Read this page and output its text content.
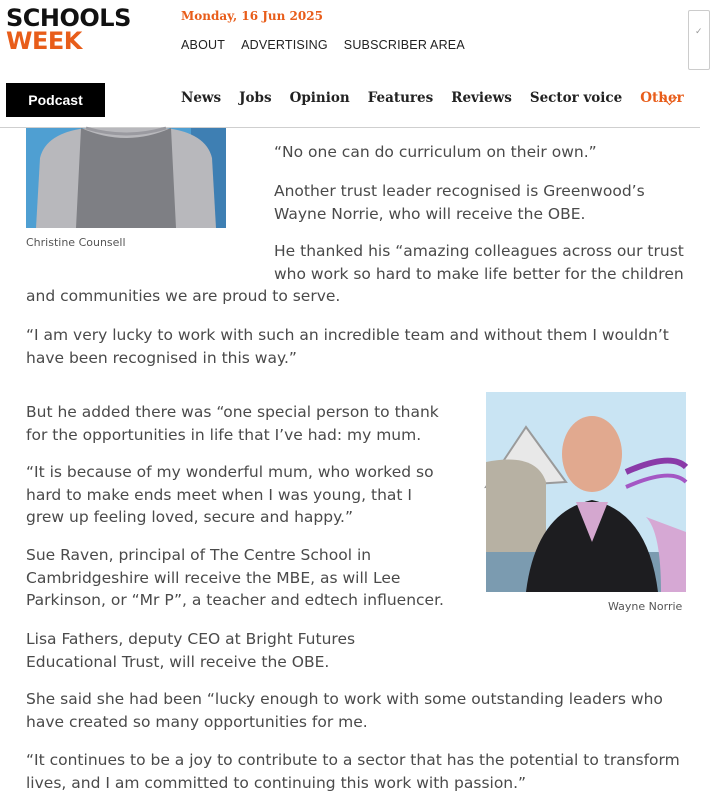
SCHOOLS
WEEK
Monday, 16 Jun 2025
ABOUT ADVERTISING SUBSCRIBER AREA
✓
Podcast	News Jobs Opinion Features Reviews Sector voice Other
Christine Counsell

“No one can do curriculum on their own.”

Another trust leader recognised is Greenwood’s Wayne Norrie, who will receive the OBE.

He thanked his “amazing colleagues across our trust

who work so hard to make life better for the children

and communities we are proud to serve.

“I am very lucky to work with such an incredible team and without them I wouldn’t have been recognised in this way.”

But he added there was “one special person to thank for the opportunities in life that I’ve had: my mum.

“It is because of my wonderful mum, who worked so hard to make ends meet when I was young, that I grew up feeling loved, secure and happy.”

Sue Raven, principal of The Centre School in Cambridgeshire will receive the MBE, as will Lee Parkinson, or “Mr P”, a teacher and edtech influencer.

Lisa Fathers, deputy CEO at Bright Futures Educational Trust, will receive the OBE.

She said she had been “lucky enough to work with some outstanding leaders who have created so many opportunities for me.

“It continues to be a joy to contribute to a sector that has the potential to transform lives, and I am committed to continuing this work with passion.”

Wayne Norrie
